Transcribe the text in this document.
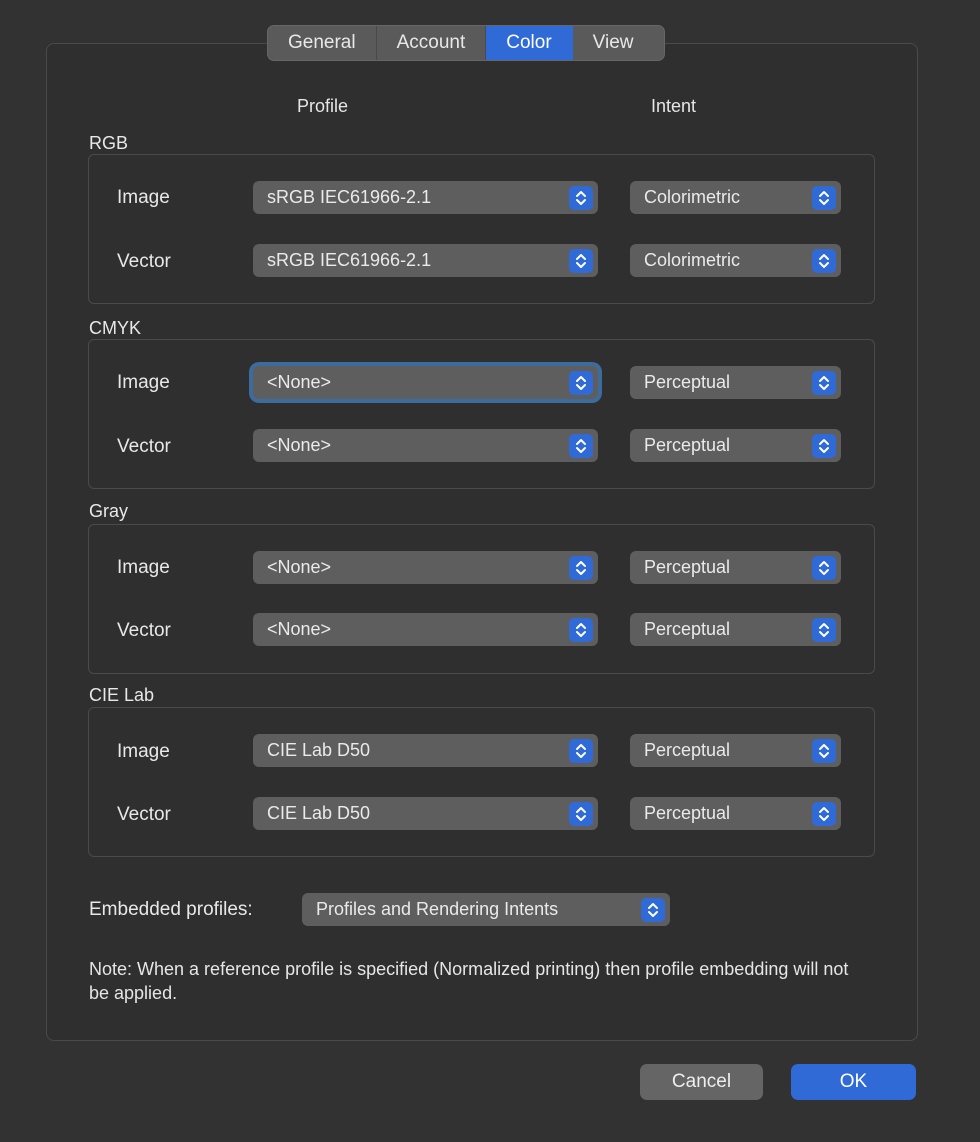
General	Account	Color	View
Profile	Intent
RGB
Image	sRGB IEC61966-2.1	Colorimetric
Vector	sRGB IEC61966-2.1	Colorimetric
CMYK
Image	<None>	Perceptual
Vector	<None>	Perceptual
Gray
Image	<None>	Perceptual
Vector	<None>	Perceptual
CIE Lab
Image	CIE Lab D50	Perceptual
Vector	CIE Lab D50	Perceptual
Embedded profiles:	Profiles and Rendering Intents
Note: When a reference profile is specified (Normalized printing) then profile embedding will not be applied.
Cancel	OK
